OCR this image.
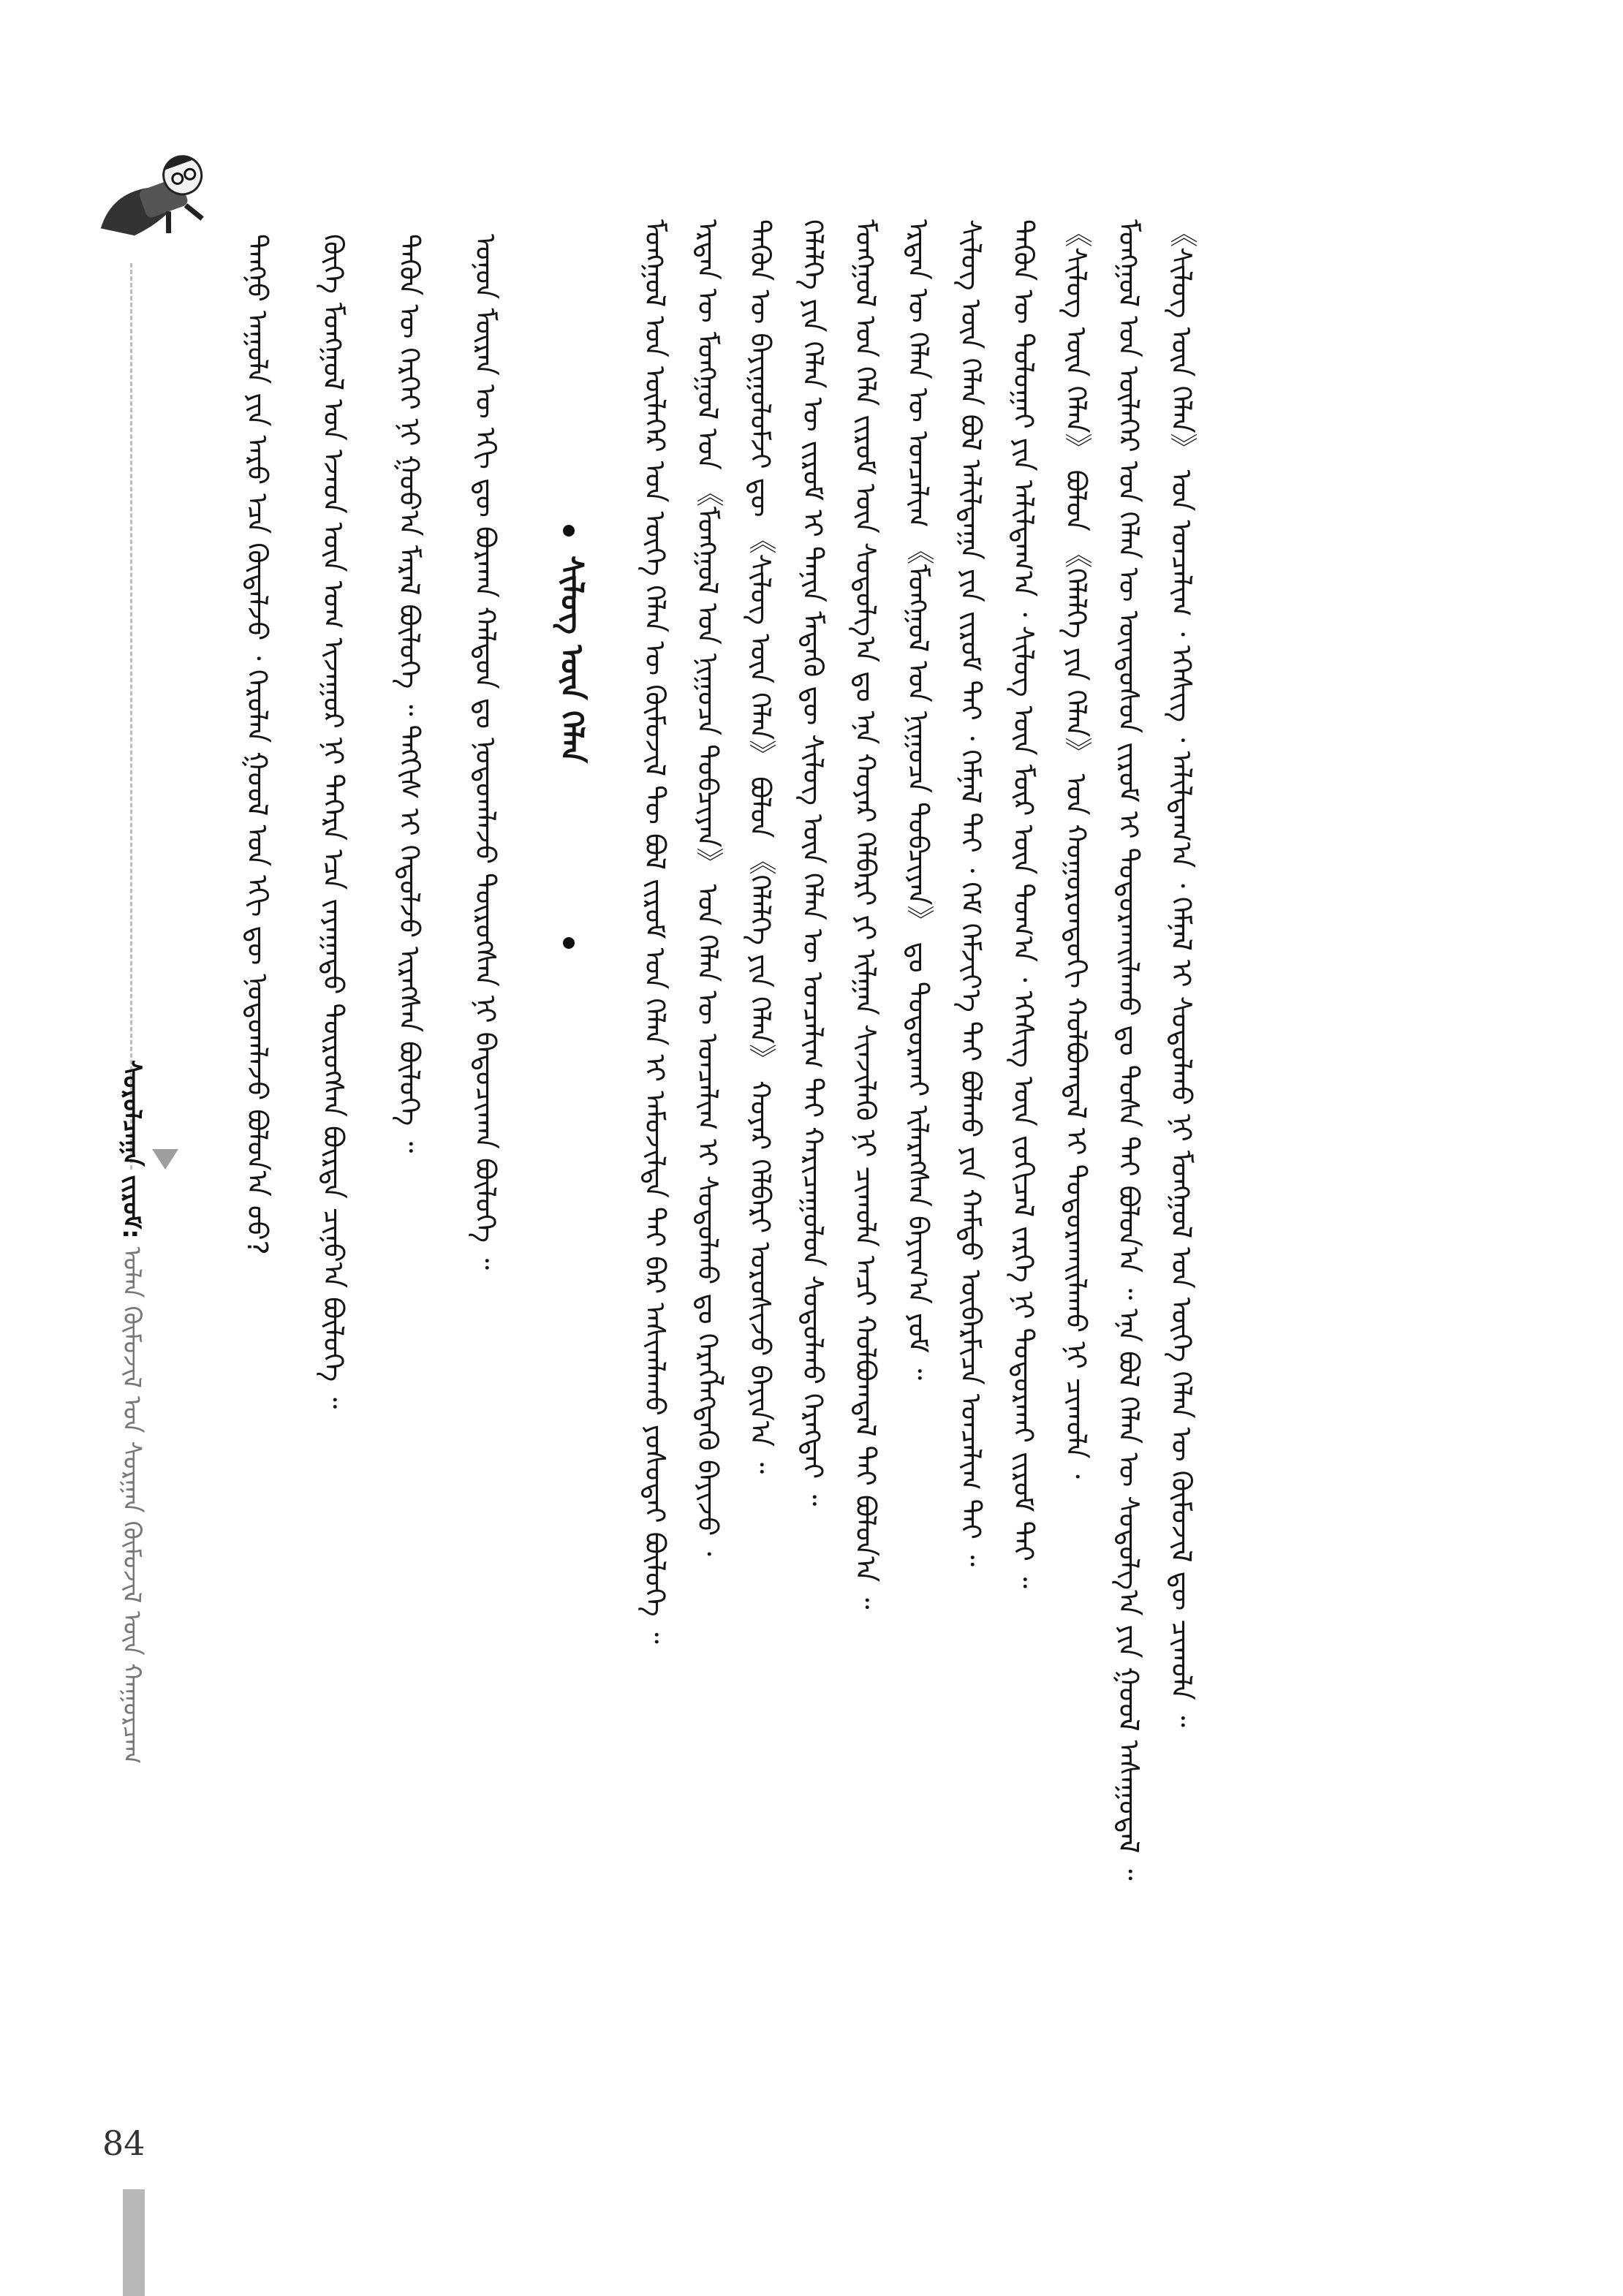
ᠰᠤᠷᠤᠯᠴᠠᠭᠠ ᠵᠢᠷᠤᠮ: ᠤᠯᠠᠨ ᠬᠦᠮᠦᠵᠢᠯ ᠤᠨ ᠰᠤᠷᠭᠠᠨ ᠬᠦᠮᠦᠵᠢᠯ ᠦᠨ ᠬᠠᠭᠤᠷᠴᠠᠭ
ᠲᠠᠩᠨᠤ ᠠᠭᠤᠯᠠ ᠶᠢᠨ ᠠᠷᠤ ᠡᠴᠡ ᠬᠥᠳᠡᠯᠵᠦ ᠂ ᠬᠡᠷᠦᠯᠡᠨ ᠭᠣᠣᠯ ᠤᠨ ᠡᠬᠢ ᠳᠦ ᠨᠤᠲᠤᠭᠯᠠᠵᠤ ᠪᠣᠯᠤᠨ᠎ᠠ ᠤᠤ?	ᠬᠥᠬᠡ ᠮᠣᠩᠭᠣᠯ ᠤᠨ ᠡᠵᠡᠳ ᠦᠨ ᠤᠭ ᠢᠵᠠᠭᠤᠷ ᠨᠢ ᠳᠡᠭᠡᠷᠡ ᠡᠴᠡ ᠵᠠᠶᠠᠭᠠᠲᠤ ᠲᠥᠷᠦᠭᠰᠡᠨ ᠪᠥᠷᠲᠡ ᠴᠢᠨᠤ᠎ᠠ ᠪᠦᠯᠦᠭᠡ ᠃	ᠲᠡᠭᠦᠨ ᠦ ᠭᠡᠷᠭᠡᠢ ᠨᠢ ᠭᠣᠣ᠎ᠠ ᠮᠠᠷᠠᠯ ᠪᠦᠯᠦᠭᠡ ᠃ ᠲᠩᠭᠢᠰ ᠢ ᠭᠡᠲᠦᠯᠵᠦ ᠢᠷᠡᠭᠰᠡᠨ ᠪᠦᠯᠦᠭᠡ ᠃	ᠣᠨᠤᠨ ᠮᠥᠷᠡᠨ ᠦ ᠡᠬᠢ ᠳᠦ ᠪᠤᠷᠬᠠᠨ ᠬᠠᠯᠳᠤᠨ ᠳᠤ ᠨᠤᠲᠤᠭᠯᠠᠵᠤ ᠲᠥᠷᠦᠭᠰᠡᠨ ᠨᠢ ᠪᠠᠲᠤᠴᠢᠬᠠᠨ ᠪᠦᠯᠦᠭᠡ ᠃	ᠰᠢᠯᠦᠭ ᠦᠨ ᠬᠡᠯᠡᠨ	ᠮᠣᠩᠭᠣᠯ ᠤᠨ ᠦᠯᠡᠭᠡᠷ ᠤᠨ ᠦᠭᠡ ᠬᠡᠯᠡᠨ ᠦ ᠬᠦᠮᠦᠵᠢᠯ ᠲᠦ ᠪᠣᠯ ᠵᠢᠷᠤᠮ ᠤᠨ ᠬᠡᠯᠡᠨ ᠢ ᠠᠮᠤᠵᠢᠯᠲᠠ ᠲᠠᠢ ᠪᠠᠷ ᠠᠰᠢᠭᠯᠠᠬᠤ ᠶᠣᠰᠣᠲᠠᠢ ᠪᠦᠯᠦᠭᠡ ᠃ ᠡᠷᠲᠡᠨ ᠦ ᠮᠣᠩᠭᠣᠯ ᠤᠨ 《ᠮᠣᠩᠭᠣᠯ ᠤᠨ ᠨᠢᠭᠤᠴᠠ ᠲᠣᠪᠴᠢᠶᠠᠨ》 ᠤᠨ ᠬᠡᠯᠡᠨ ᠦ ᠣᠨᠴᠠᠯᠢᠭ ᠢ ᠰᠤᠳᠤᠯᠬᠤ ᠳᠤ ᠬᠡᠷᠡᠭᠯᠡᠭᠳᠡᠭᠦ ᠪᠠᠶᠢᠵᠤ ᠂ ᠲᠡᠭᠦᠨ ᠦ ᠪᠠᠶᠢᠭᠤᠯᠤᠮᠵᠢ ᠳᠦ 《ᠰᠢᠯᠦᠭ ᠦᠨ ᠬᠡᠯᠡᠨ》 ᠪᠣᠯᠤᠨ 《ᠬᠡᠯᠡᠯᠭᠡ ᠶᠢᠨ ᠬᠡᠯᠡᠨ》 ᠬᠣᠶᠠᠷ ᠬᠡᠯᠪᠡᠷᠢ ᠣᠷᠣᠰᠢᠵᠤ ᠪᠠᠶᠢᠨ᠎ᠠ ᠃ ᠬᠡᠯᠡᠯᠭᠡ ᠶᠢᠨ ᠬᠡᠯᠡᠨ ᠦ ᠵᠢᠷᠤᠮ ᠢ ᠲᠠᠨᠢᠨ ᠮᠡᠳᠡᠬᠦ ᠳᠦ ᠰᠢᠯᠦᠭ ᠦᠨ ᠬᠡᠯᠡᠨ ᠦ ᠣᠨᠴᠠᠯᠢᠭ ᠲᠠᠢ ᠬᠠᠷᠢᠴᠠᠭᠤᠯᠤᠨ ᠰᠤᠳᠤᠯᠬᠤ ᠬᠡᠷᠡᠭᠲᠡᠢ ᠃ ᠮᠣᠩᠭᠣᠯ ᠤᠨ ᠬᠡᠯᠡ ᠵᠢᠷᠤᠮ ᠦᠨ ᠰᠤᠳᠤᠯᠭ᠎ᠠ ᠳᠤ ᠡᠨᠡ ᠬᠣᠶᠠᠷ ᠬᠡᠯᠪᠡᠷᠢ ᠶᠢ ᠢᠯᠭᠠᠨ ᠰᠢᠨᠵᠢᠯᠡᠬᠦ ᠨᠢ ᠴᠢᠬᠤᠯᠠ ᠠᠴᠢ ᠬᠣᠯᠪᠣᠭᠳᠠᠯ ᠲᠠᠢ ᠪᠣᠯᠤᠨ᠎ᠠ ᠃ ᠡᠷᠲᠡᠨ ᠦ ᠬᠡᠯᠡᠨ ᠦ ᠣᠨᠴᠠᠯᠢᠭ 《ᠮᠣᠩᠭᠣᠯ ᠤᠨ ᠨᠢᠭᠤᠴᠠ ᠲᠣᠪᠴᠢᠶᠠᠨ》 ᠳᠤ ᠲᠣᠳᠣᠷᠬᠠᠢ ᠢᠯᠡᠷᠡᠭᠰᠡᠨ ᠪᠠᠶᠢᠭ᠎ᠠ ᠶᠤᠮ ᠃ ᠰᠢᠯᠦᠭ ᠦᠨ ᠬᠡᠯᠡᠨ ᠪᠣᠯ ᠠᠯᠢᠯᠳᠠᠭᠠ ᠶᠢᠨ ᠵᠢᠷᠤᠮ ᠲᠠᠢ ᠂ ᠬᠡᠮᠨᠡᠯ ᠲᠠᠢ ᠂ ᠬᠡᠮ ᠬᠡᠮᠵᠢᠶ᠎ᠡ ᠲᠠᠢ ᠪᠣᠯᠬᠤ ᠶᠢᠨ ᠬᠠᠮᠲᠤ ᠥᠪᠡᠷᠮᠢᠴᠡ ᠣᠨᠴᠠᠯᠢᠭ ᠲᠠᠢ ᠃ ᠲᠡᠭᠦᠨ ᠦ ᠲᠣᠯᠣᠭᠠᠢ ᠶᠢᠨ ᠠᠯᠢᠯᠳᠠᠭ᠎ᠠ ᠂ ᠰᠢᠯᠦᠭ ᠦᠨ ᠮᠥᠷ ᠦᠨ ᠲᠣᠭ᠎ᠠ ᠂ ᠡᠭᠡᠰᠢᠭ ᠦᠨ ᠵᠣᠬᠢᠴᠠᠯ ᠵᠡᠷᠭᠡ ᠨᠢ ᠲᠣᠳᠣᠷᠬᠠᠢ ᠵᠢᠷᠤᠮ ᠲᠠᠢ ᠃ 《ᠰᠢᠯᠦᠭ ᠦᠨ ᠬᠡᠯᠡᠨ》 ᠪᠣᠯᠤᠨ 《ᠬᠡᠯᠡᠯᠭᠡ ᠶᠢᠨ ᠬᠡᠯᠡᠨ》 ᠤᠨ ᠬᠣᠭᠣᠷᠣᠨᠳᠤᠬᠢ ᠬᠣᠯᠪᠣᠭᠳᠠᠯ ᠢ ᠲᠣᠳᠣᠷᠬᠠᠢᠯᠠᠬᠤ ᠨᠢ ᠴᠢᠬᠤᠯᠠ ᠂ ᠮᠣᠩᠭᠣᠯ ᠤᠨ ᠦᠯᠡᠭᠡᠷ ᠤᠨ ᠬᠡᠯᠡᠨ ᠦ ᠦᠨᠳᠦᠰᠦᠨ ᠵᠢᠷᠤᠮ ᠢ ᠲᠣᠳᠣᠷᠬᠠᠢᠯᠠᠬᠤ ᠳᠤ ᠲᠤᠰᠠ ᠲᠠᠢ ᠪᠣᠯᠤᠨ᠎ᠠ ᠃ ᠡᠨᠡ ᠪᠣᠯ ᠬᠡᠯᠡᠨ ᠦ ᠰᠤᠳᠤᠯᠭ᠎ᠠ ᠶᠢᠨ ᠭᠣᠣᠯ ᠠᠰᠠᠭᠤᠳᠠᠯ ᠃ 《ᠰᠢᠯᠦᠭ ᠦᠨ ᠬᠡᠯᠡᠨ》 ᠤᠨ ᠣᠨᠴᠠᠯᠢᠭ ᠂ ᠡᠭᠡᠰᠢᠭ ᠂ ᠠᠯᠢᠯᠳᠠᠭ᠎ᠠ ᠂ ᠬᠡᠮᠨᠡᠯ ᠢ ᠰᠤᠳᠤᠯᠬᠤ ᠨᠢ ᠮᠣᠩᠭᠣᠯ ᠤᠨ ᠦᠭᠡ ᠬᠡᠯᠡᠨ ᠦ ᠬᠦᠮᠦᠵᠢᠯ ᠳᠦ ᠴᠢᠬᠤᠯᠠ ᠃
84
